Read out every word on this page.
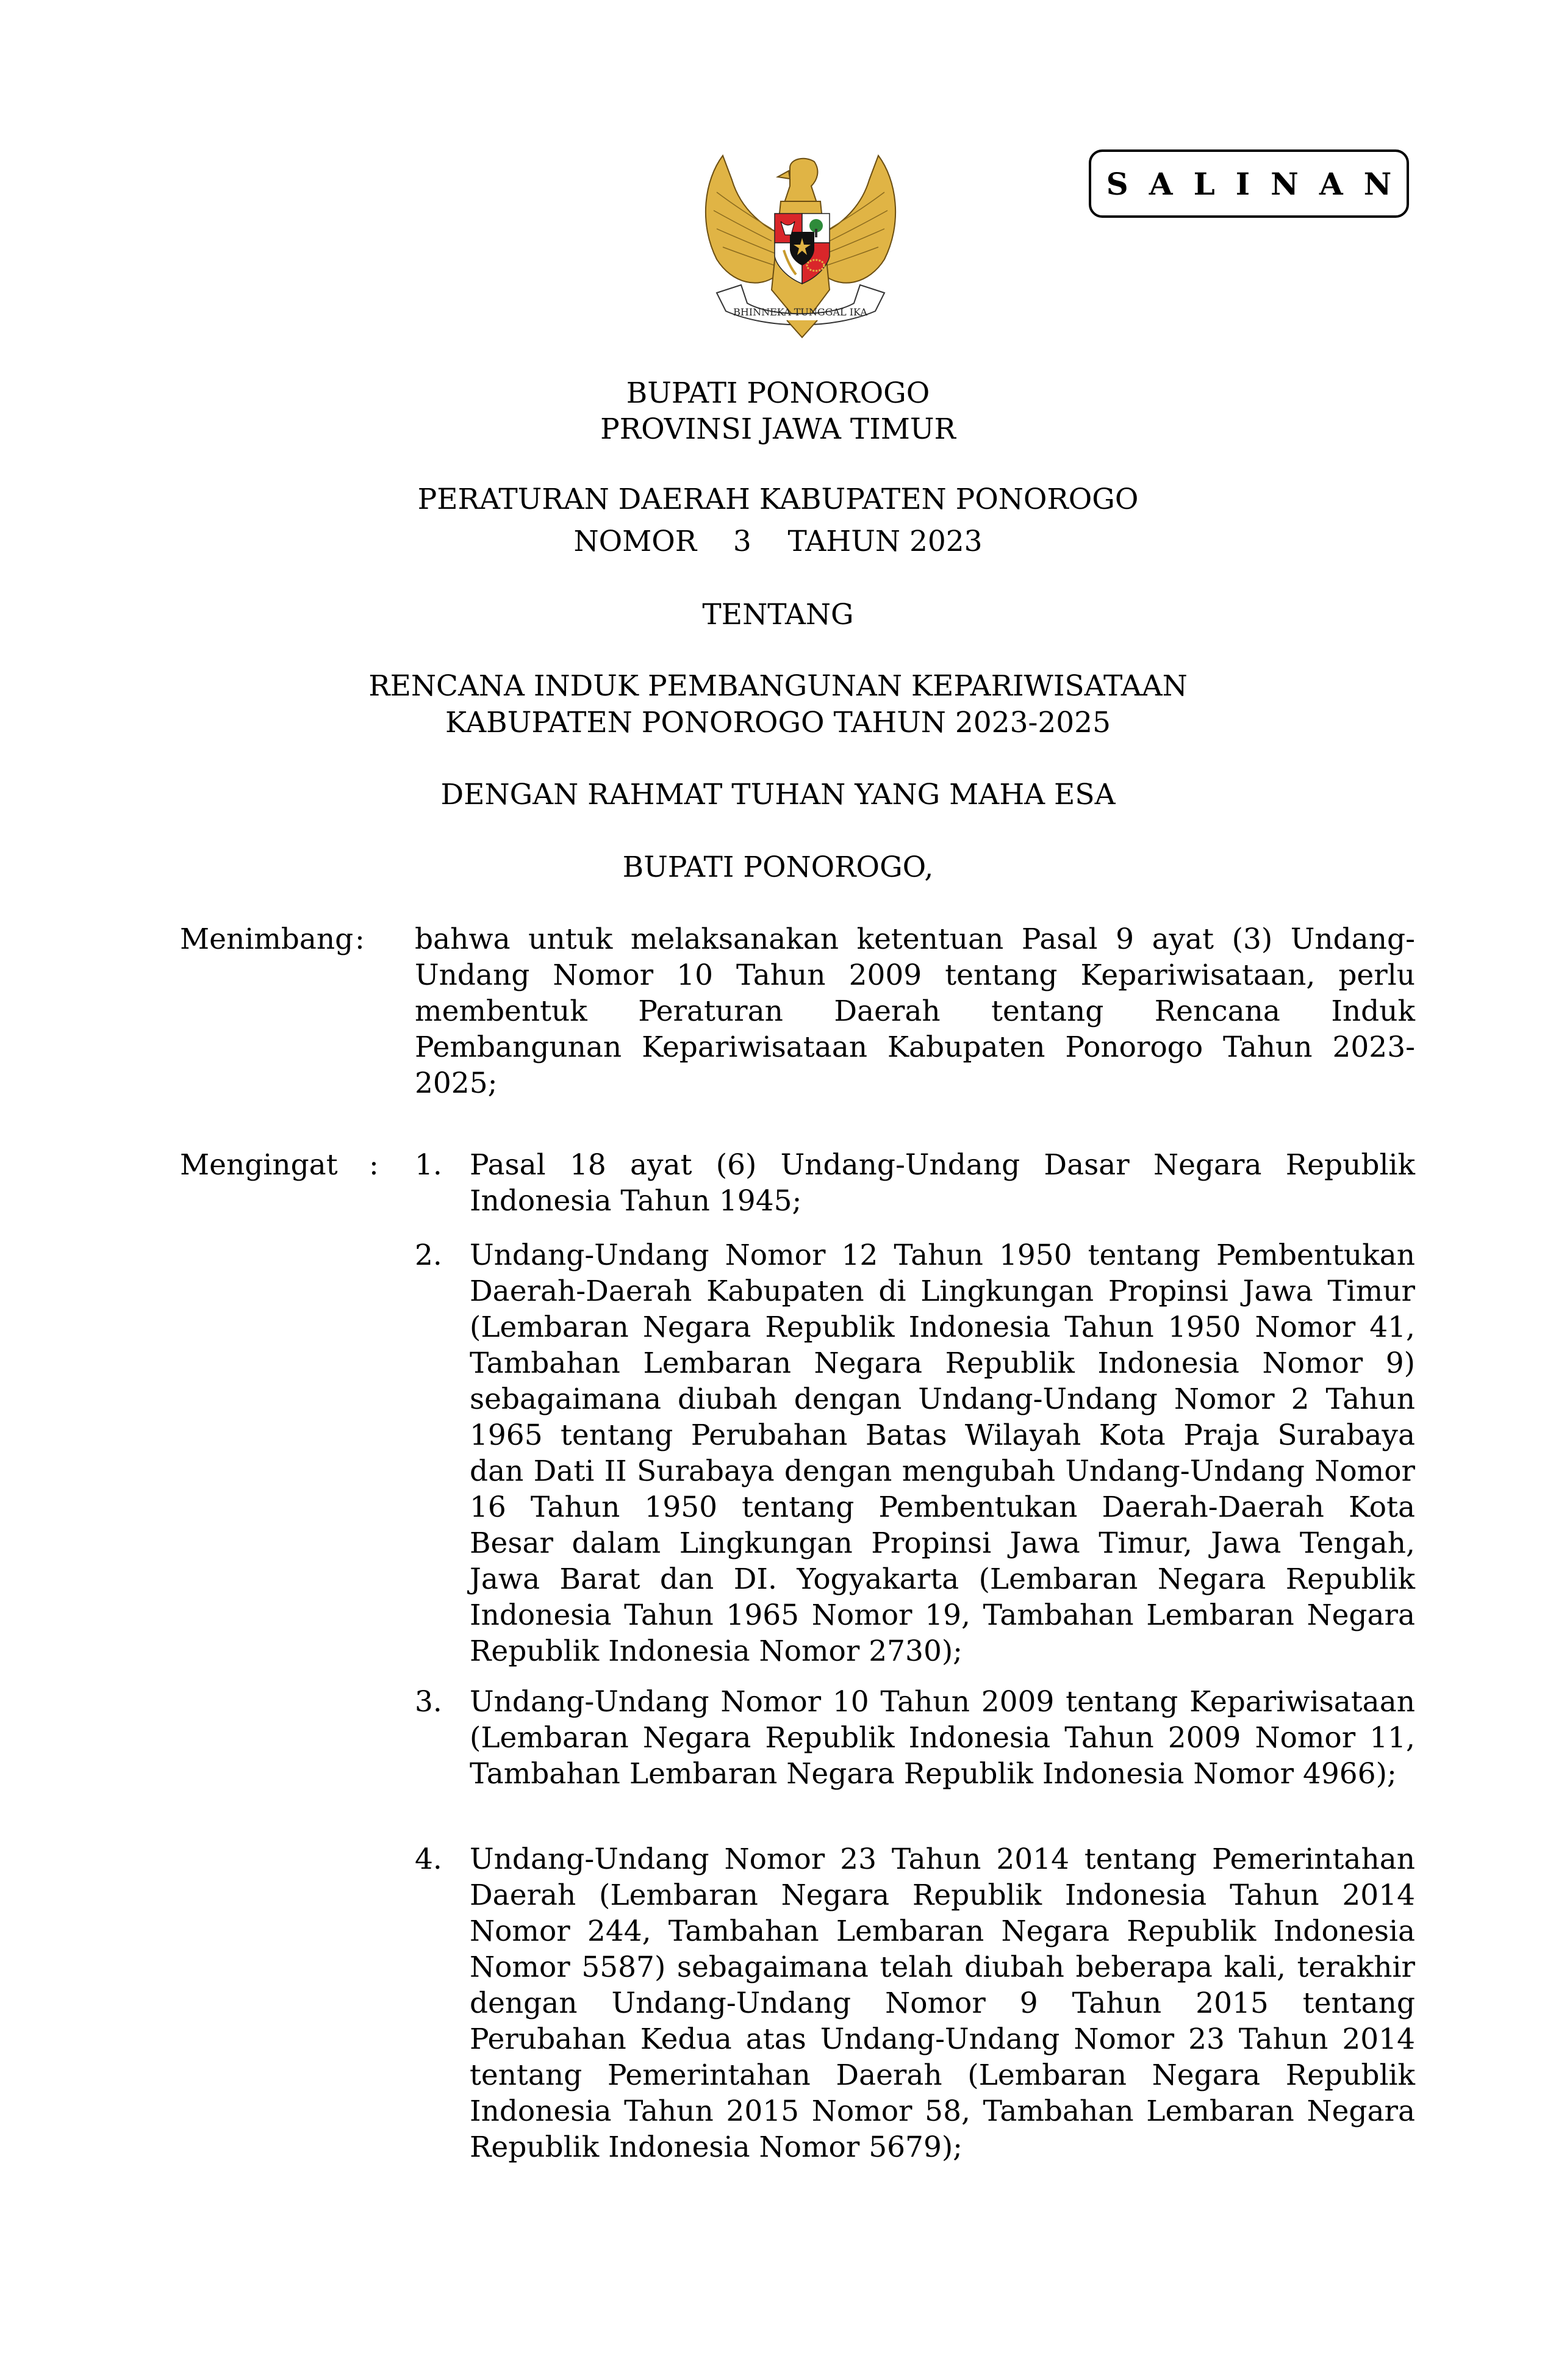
BHINNEKA TUNGGAL IKA
SALINAN
BUPATI PONOROGO
PROVINSI JAWA TIMUR
PERATURAN DAERAH KABUPATEN PONOROGO
NOMOR    3    TAHUN 2023
TENTANG
RENCANA INDUK PEMBANGUNAN KEPARIWISATAAN
KABUPATEN PONOROGO TAHUN 2023-2025
DENGAN RAHMAT TUHAN YANG MAHA ESA
BUPATI PONOROGO,
Menimbang : bahwa untuk melaksanakan ketentuan Pasal 9 ayat (3) Undang-Undang Nomor 10 Tahun 2009 tentang Kepariwisataan, perlu membentuk Peraturan Daerah tentang Rencana Induk Pembangunan Kepariwisataan Kabupaten Ponorogo Tahun 2023-2025;
Mengingat : 1. Pasal 18 ayat (6) Undang-Undang Dasar Negara Republik Indonesia Tahun 1945;
2. Undang-Undang Nomor 12 Tahun 1950 tentang Pembentukan Daerah-Daerah Kabupaten di Lingkungan Propinsi Jawa Timur (Lembaran Negara Republik Indonesia Tahun 1950 Nomor 41, Tambahan Lembaran Negara Republik Indonesia Nomor 9) sebagaimana diubah dengan Undang-Undang Nomor 2 Tahun 1965 tentang Perubahan Batas Wilayah Kota Praja Surabaya dan Dati II Surabaya dengan mengubah Undang-Undang Nomor 16 Tahun 1950 tentang Pembentukan Daerah-Daerah Kota Besar dalam Lingkungan Propinsi Jawa Timur, Jawa Tengah, Jawa Barat dan DI. Yogyakarta (Lembaran Negara Republik Indonesia Tahun 1965 Nomor 19, Tambahan Lembaran Negara Republik Indonesia Nomor 2730);
3. Undang-Undang Nomor 10 Tahun 2009 tentang Kepariwisataan (Lembaran Negara Republik Indonesia Tahun 2009 Nomor 11, Tambahan Lembaran Negara Republik Indonesia Nomor 4966);
4. Undang-Undang Nomor 23 Tahun 2014 tentang Pemerintahan Daerah (Lembaran Negara Republik Indonesia Tahun 2014 Nomor 244, Tambahan Lembaran Negara Republik Indonesia Nomor 5587) sebagaimana telah diubah beberapa kali, terakhir dengan Undang-Undang Nomor 9 Tahun 2015 tentang Perubahan Kedua atas Undang-Undang Nomor 23 Tahun 2014 tentang Pemerintahan Daerah (Lembaran Negara Republik Indonesia Tahun 2015 Nomor 58, Tambahan Lembaran Negara Republik Indonesia Nomor 5679);
